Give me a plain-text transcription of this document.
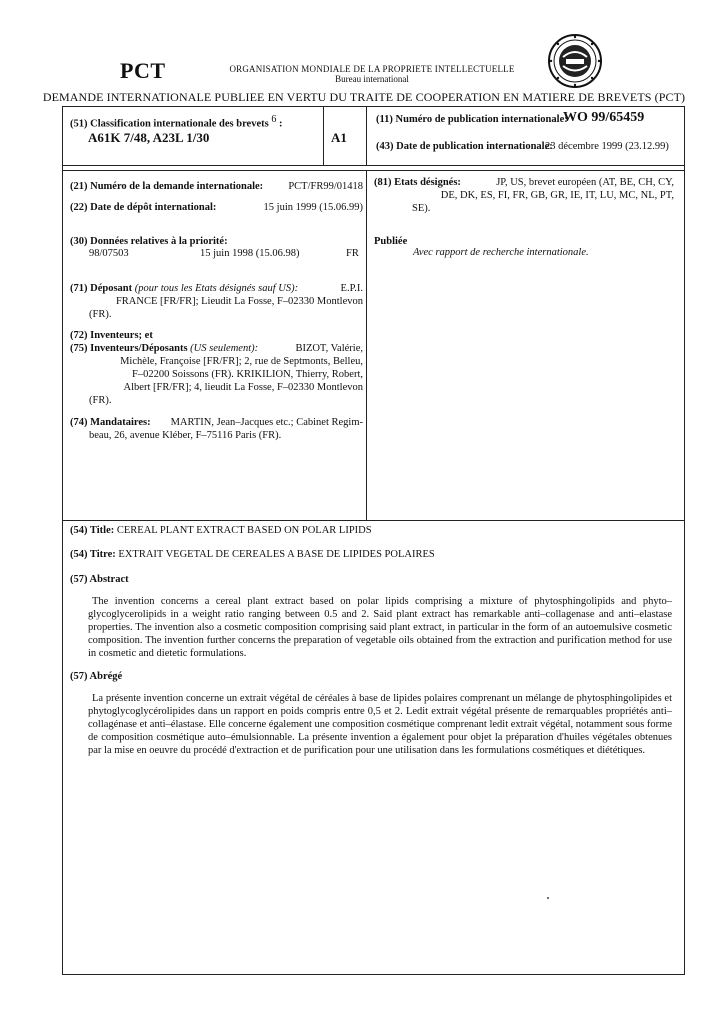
PCT	ORGANISATION MONDIALE DE LA PROPRIETE INTELLECTUELLE
Bureau international
DEMANDE INTERNATIONALE PUBLIEE EN VERTU DU TRAITE DE COOPERATION EN MATIERE DE BREVETS (PCT)
(51) Classification internationale des brevets $^6$ :
A61K 7/48, A23L 1/30	A1
(11) Numéro de publication internationale:
WO 99/65459
(43) Date de publication internationale:
23 décembre 1999 (23.12.99)
(21) Numéro de la demande internationale:	PCT/FR99/01418
(22) Date de dépôt international:	15 juin 1999 (15.06.99)
(30) Données relatives à la priorité:
98/07503	15 juin 1998 (15.06.98)	FR
(71) Déposant (pour tous les Etats désignés sauf US):	E.P.I.
FRANCE [FR/FR]; Lieudit La Fosse, F–02330 Montlevon
(FR).
(72) Inventeurs; et
(75) Inventeurs/Déposants (US seulement):	BIZOT, Valérie,
Michèle, Françoise [FR/FR]; 2, rue de Septmonts, Belleu,
F–02200 Soissons (FR). KRIKILION, Thierry, Robert,
Albert [FR/FR]; 4, lieudit La Fosse, F–02330 Montlevon
(FR).
(74) Mandataires: MARTIN, Jean–Jacques etc.; Cabinet Regim-
beau, 26, avenue Kléber, F–75116 Paris (FR).
(81) Etats désignés:	JP, US, brevet européen (AT, BE, CH, CY,
DE, DK, ES, FI, FR, GB, GR, IE, IT, LU, MC, NL, PT,
SE).
Publiée
Avec rapport de recherche internationale.
(54) Title: CEREAL PLANT EXTRACT BASED ON POLAR LIPIDS
(54) Titre: EXTRAIT VEGETAL DE CEREALES A BASE DE LIPIDES POLAIRES
(57) Abstract
The invention concerns a cereal plant extract based on polar lipids comprising a mixture of phytosphingolipids and phyto–glycoglycerolipids in a weight ratio ranging between 0.5 and 2. Said plant extract has remarkable anti–collagenase and anti–elastase properties. The invention also a cosmetic composition comprising said plant extract, in particular in the form of an autoemulsive cosmetic composition. The invention further concerns the preparation of vegetable oils obtained from the extraction and purification method for use in cosmetic and dietetic formulations.
(57) Abrégé
La présente invention concerne un extrait végétal de céréales à base de lipides polaires comprenant un mélange de phytosphingolipides et phytoglycoglycérolipides dans un rapport en poids compris entre 0,5 et 2. Ledit extrait végétal présente de remarquables propriétés anti–collagénase et anti–élastase. Elle concerne également une composition cosmétique comprenant ledit extrait végétal, notamment sous forme de composition cosmétique auto–émulsionnable. La présente invention a également pour objet la préparation d'huiles végétales obtenues par la mise en oeuvre du procédé d'extraction et de purification pour une utilisation dans les formulations cosmétiques et diététiques.
